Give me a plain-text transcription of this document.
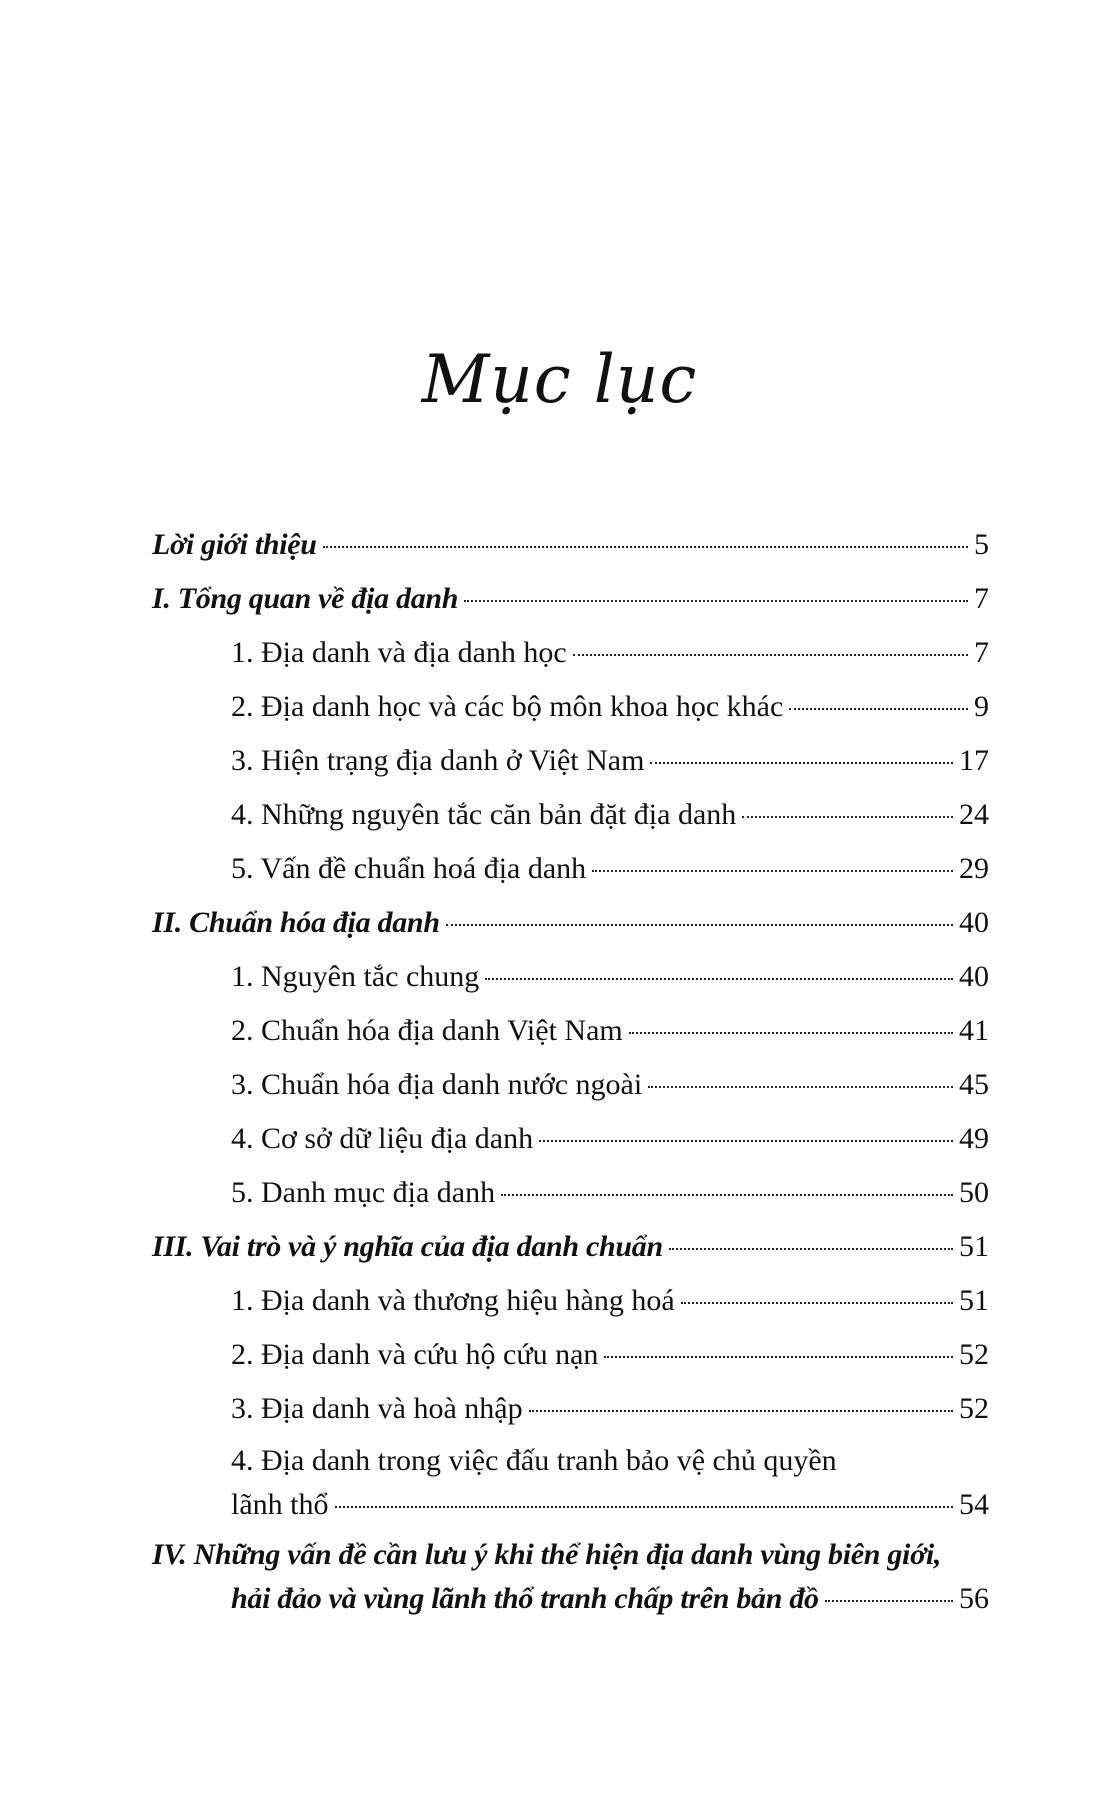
Mục lục
Lời giới thiệu	5
I. Tổng quan về địa danh	7
1. Địa danh và địa danh học	7
2. Địa danh học và các bộ môn khoa học khác	9
3. Hiện trạng địa danh ở Việt Nam	17
4. Những nguyên tắc căn bản đặt địa danh	24
5. Vấn đề chuẩn hoá địa danh	29
II. Chuẩn hóa địa danh	40
1. Nguyên tắc chung	40
2. Chuẩn hóa địa danh Việt Nam	41
3. Chuẩn hóa địa danh nước ngoài	45
4. Cơ sở dữ liệu địa danh	49
5. Danh mục địa danh	50
III. Vai trò và ý nghĩa của địa danh chuẩn	51
1. Địa danh và thương hiệu hàng hoá	51
2. Địa danh và cứu hộ cứu nạn	52
3. Địa danh và hoà nhập	52
4. Địa danh trong việc đấu tranh bảo vệ chủ quyền
lãnh thổ	54
IV. Những vấn đề cần lưu ý khi thể hiện địa danh vùng biên giới,
hải đảo và vùng lãnh thổ tranh chấp trên bản đồ	56
